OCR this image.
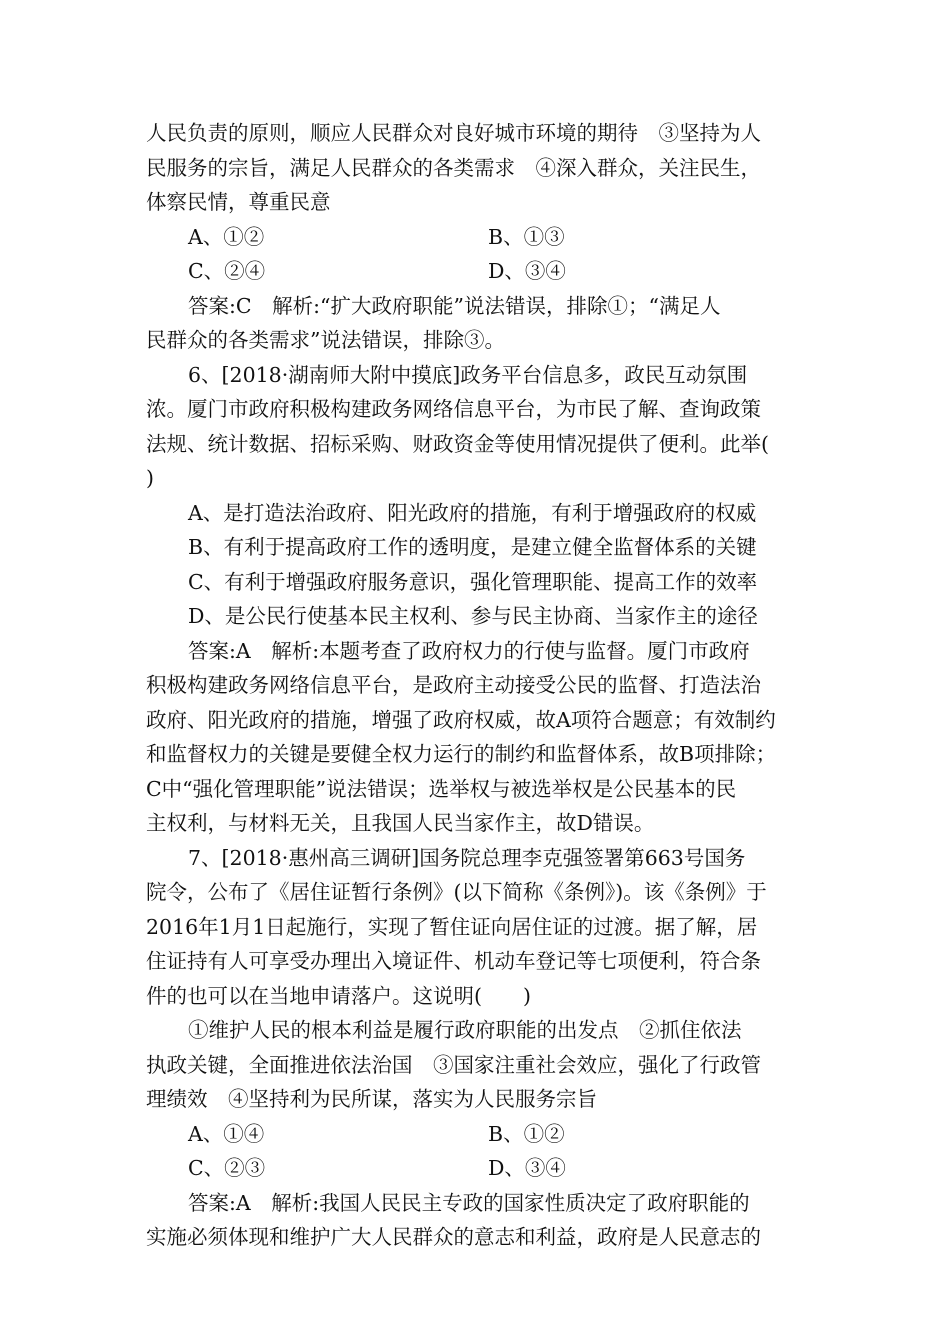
人民负责的原则，顺应人民群众对良好城市环境的期待　③坚持为人
民服务的宗旨，满足人民群众的各类需求　④深入群众，关注民生，
体察民情，尊重民意
A、①②	B、①③
C、②④	D、③④
答案:C　解析:“扩大政府职能”说法错误，排除①；“满足人
民群众的各类需求”说法错误，排除③。
6、[2018·湖南师大附中摸底]政务平台信息多，政民互动氛围
浓。厦门市政府积极构建政务网络信息平台，为市民了解、查询政策
法规、统计数据、招标采购、财政资金等使用情况提供了便利。此举(
)
A、是打造法治政府、阳光政府的措施，有利于增强政府的权威
B、有利于提高政府工作的透明度，是建立健全监督体系的关键
C、有利于增强政府服务意识，强化管理职能、提高工作的效率
D、是公民行使基本民主权利、参与民主协商、当家作主的途径
答案:A　解析:本题考查了政府权力的行使与监督。厦门市政府
积极构建政务网络信息平台，是政府主动接受公民的监督、打造法治
政府、阳光政府的措施，增强了政府权威，故A项符合题意；有效制约
和监督权力的关键是要健全权力运行的制约和监督体系，故B项排除；
C中“强化管理职能”说法错误；选举权与被选举权是公民基本的民
主权利，与材料无关，且我国人民当家作主，故D错误。
7、[2018·惠州高三调研]国务院总理李克强签署第663号国务
院令，公布了《居住证暂行条例》(以下简称《条例》)。该《条例》于
2016年1月1日起施行，实现了暂住证向居住证的过渡。据了解，居
住证持有人可享受办理出入境证件、机动车登记等七项便利，符合条
件的也可以在当地申请落户。这说明(　　)
①维护人民的根本利益是履行政府职能的出发点　②抓住依法
执政关键，全面推进依法治国　③国家注重社会效应，强化了行政管
理绩效　④坚持利为民所谋，落实为人民服务宗旨
A、①④	B、①②
C、②③	D、③④
答案:A　解析:我国人民民主专政的国家性质决定了政府职能的
实施必须体现和维护广大人民群众的意志和利益，政府是人民意志的
